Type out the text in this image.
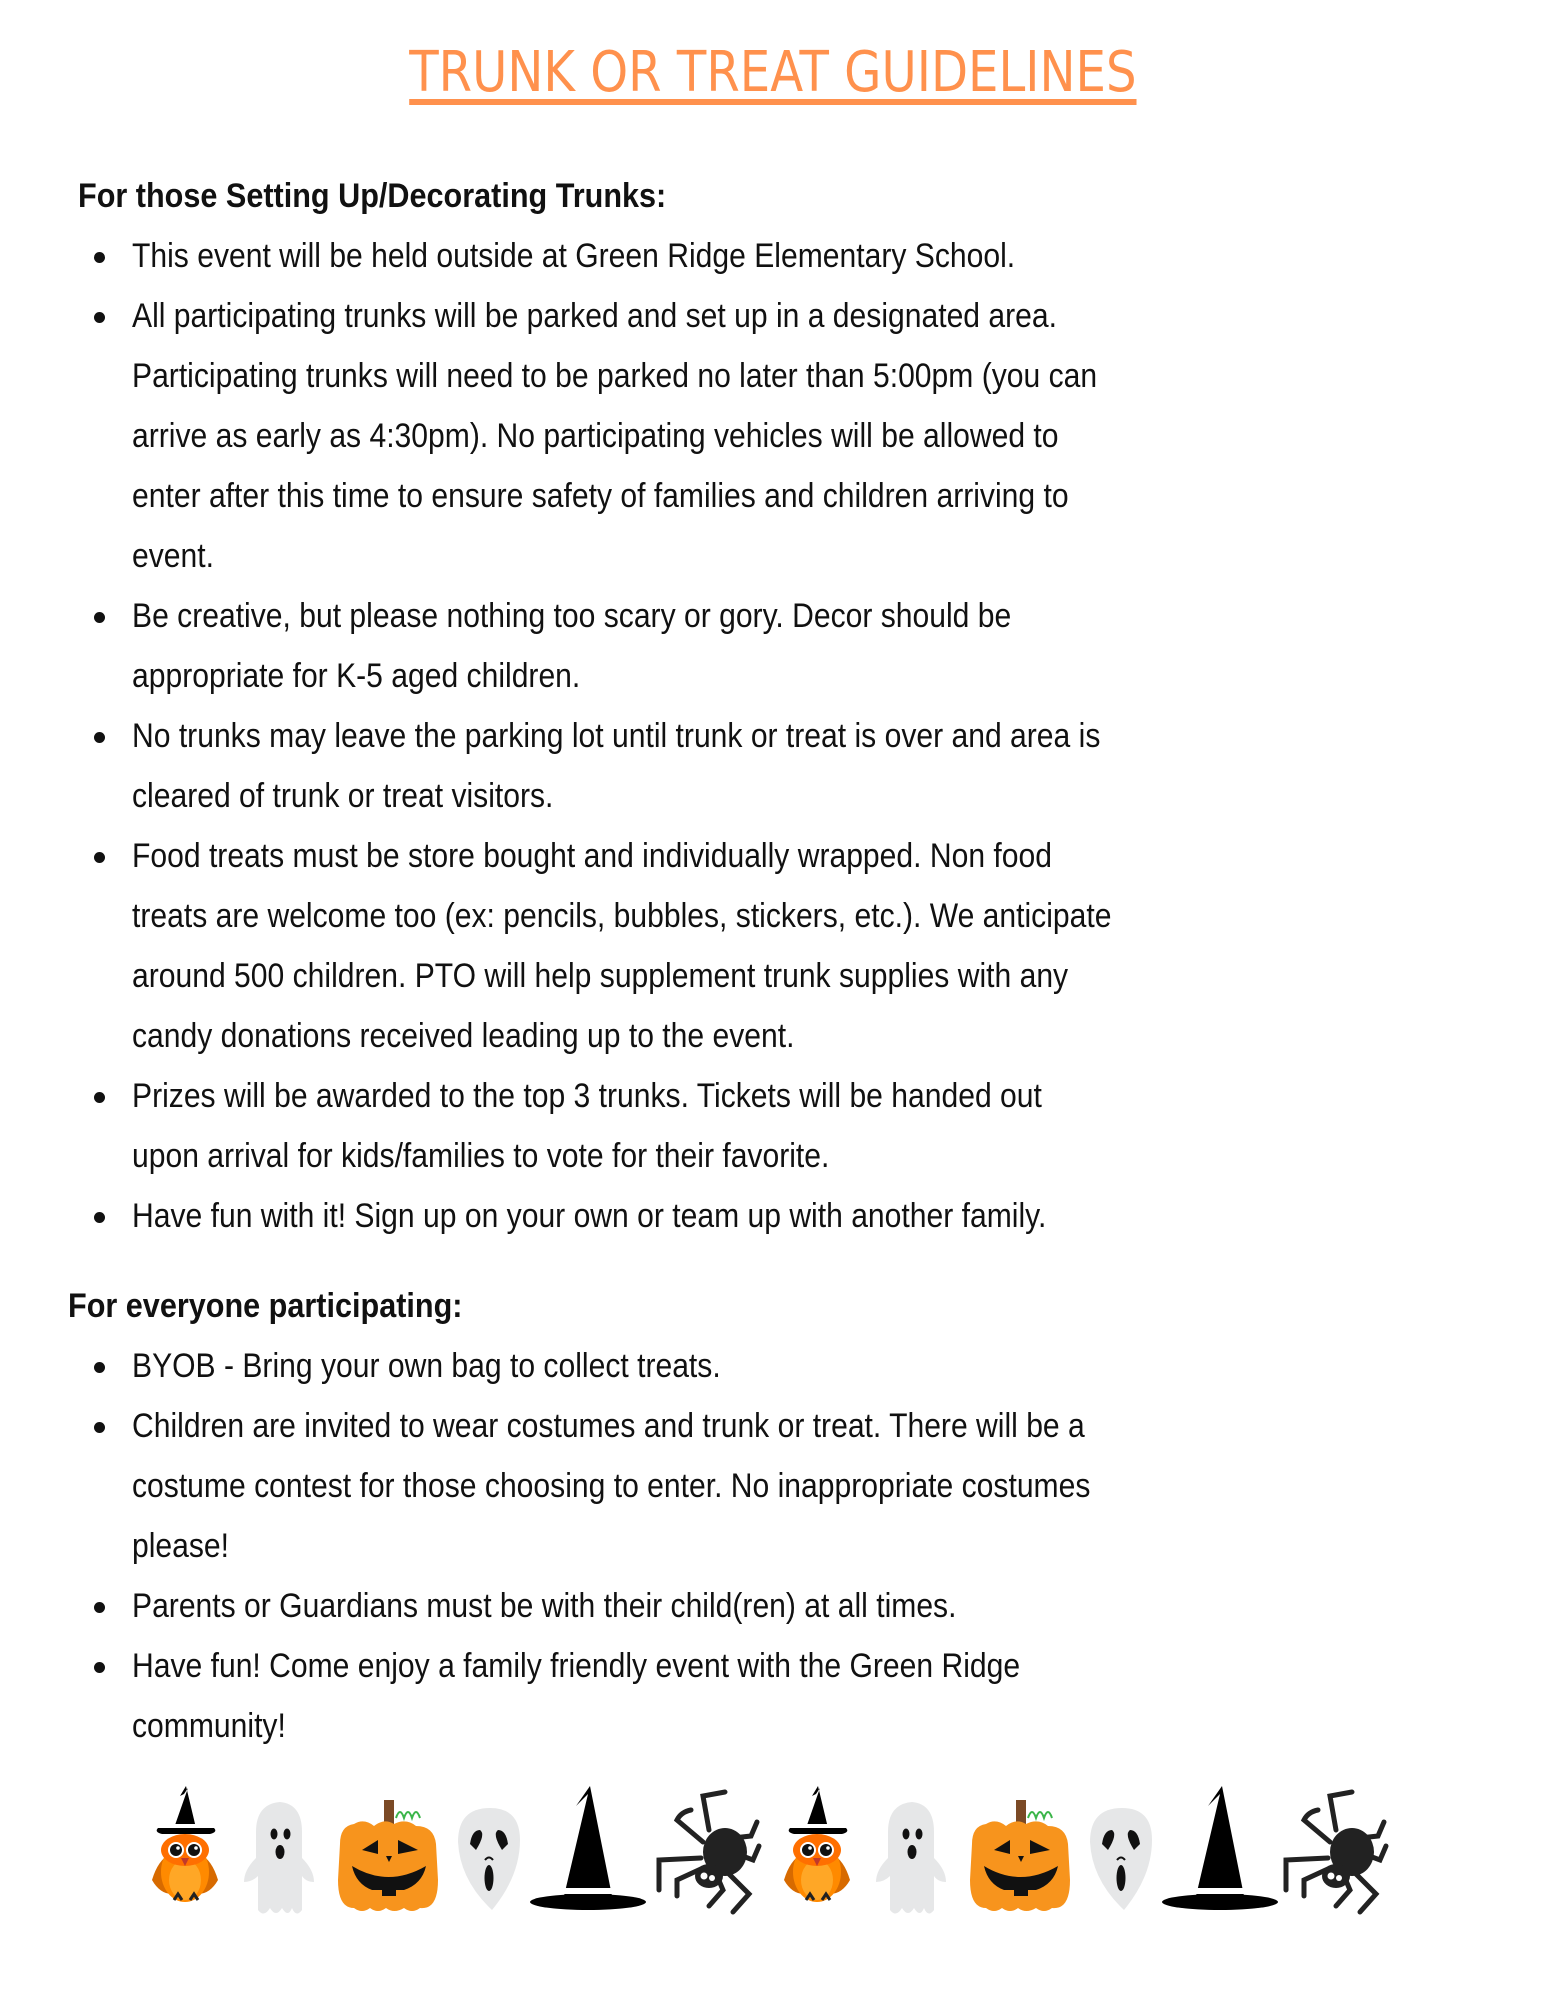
TRUNK OR TREAT GUIDELINES
For those Setting Up/Decorating Trunks:
This event will be held outside at Green Ridge Elementary School.
All participating trunks will be parked and set up in a designated area.
Participating trunks will need to be parked no later than 5:00pm (you can
arrive as early as 4:30pm). No participating vehicles will be allowed to
enter after this time to ensure safety of families and children arriving to
event.
Be creative, but please nothing too scary or gory. Decor should be
appropriate for K-5 aged children.
No trunks may leave the parking lot until trunk or treat is over and area is
cleared of trunk or treat visitors.
Food treats must be store bought and individually wrapped. Non food
treats are welcome too (ex: pencils, bubbles, stickers, etc.). We anticipate
around 500 children. PTO will help supplement trunk supplies with any
candy donations received leading up to the event.
Prizes will be awarded to the top 3 trunks. Tickets will be handed out
upon arrival for kids/families to vote for their favorite.
Have fun with it! Sign up on your own or team up with another family.
For everyone participating:
BYOB - Bring your own bag to collect treats.
Children are invited to wear costumes and trunk or treat. There will be a
costume contest for those choosing to enter. No inappropriate costumes
please!
Parents or Guardians must be with their child(ren) at all times.
Have fun! Come enjoy a family friendly event with the Green Ridge
community!
